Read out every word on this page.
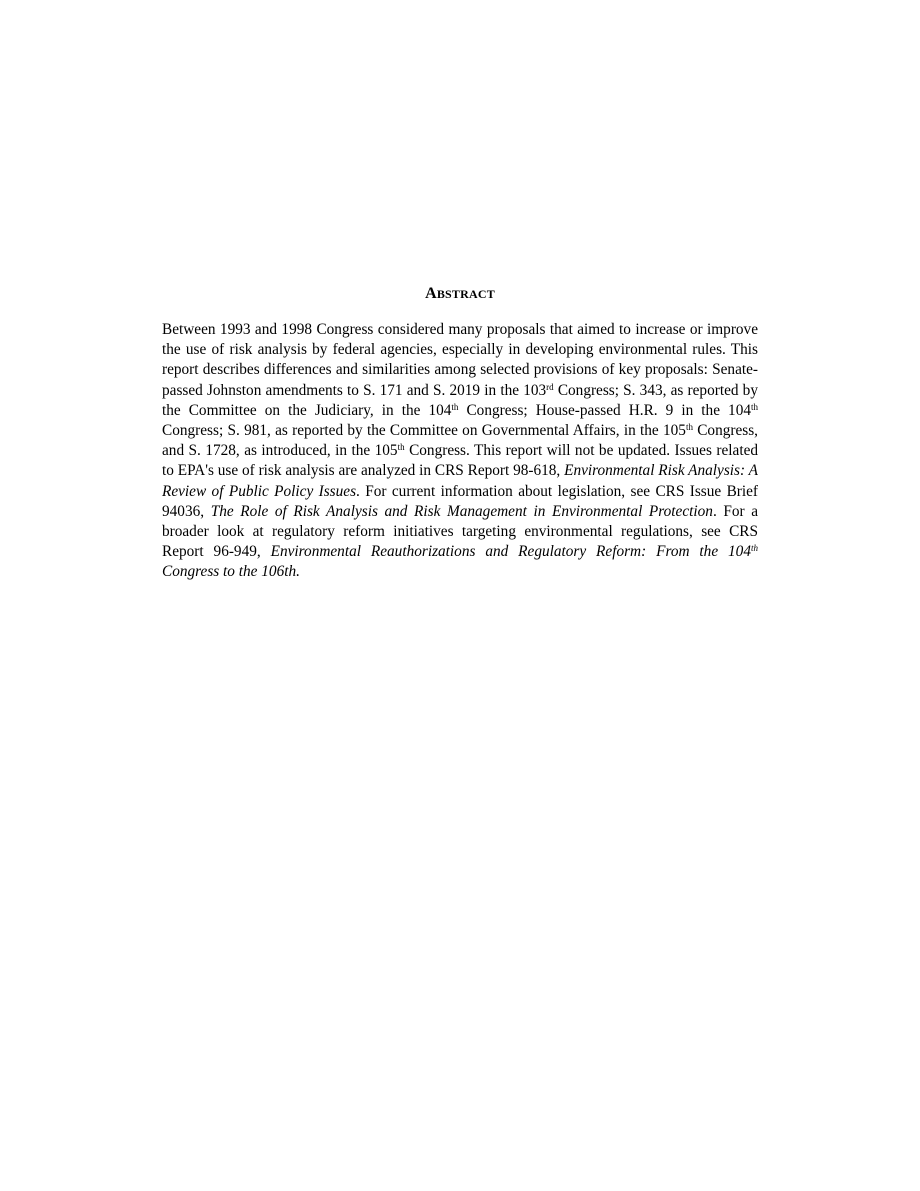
ABSTRACT

Between 1993 and 1998 Congress considered many proposals that aimed to increase or improve the use of risk analysis by federal agencies, especially in developing environmental rules. This report describes differences and similarities among selected provisions of key proposals: Senate-passed Johnston amendments to S. 171 and S. 2019 in the 103rd Congress; S. 343, as reported by the Committee on the Judiciary, in the 104th Congress; House-passed H.R. 9 in the 104th Congress; S. 981, as reported by the Committee on Governmental Affairs, in the 105th Congress, and S. 1728, as introduced, in the 105th Congress. This report will not be updated. Issues related to EPA's use of risk analysis are analyzed in CRS Report 98-618, Environmental Risk Analysis: A Review of Public Policy Issues. For current information about legislation, see CRS Issue Brief 94036, The Role of Risk Analysis and Risk Management in Environmental Protection. For a broader look at regulatory reform initiatives targeting environmental regulations, see CRS Report 96-949, Environmental Reauthorizations and Regulatory Reform: From the 104th Congress to the 106th.
